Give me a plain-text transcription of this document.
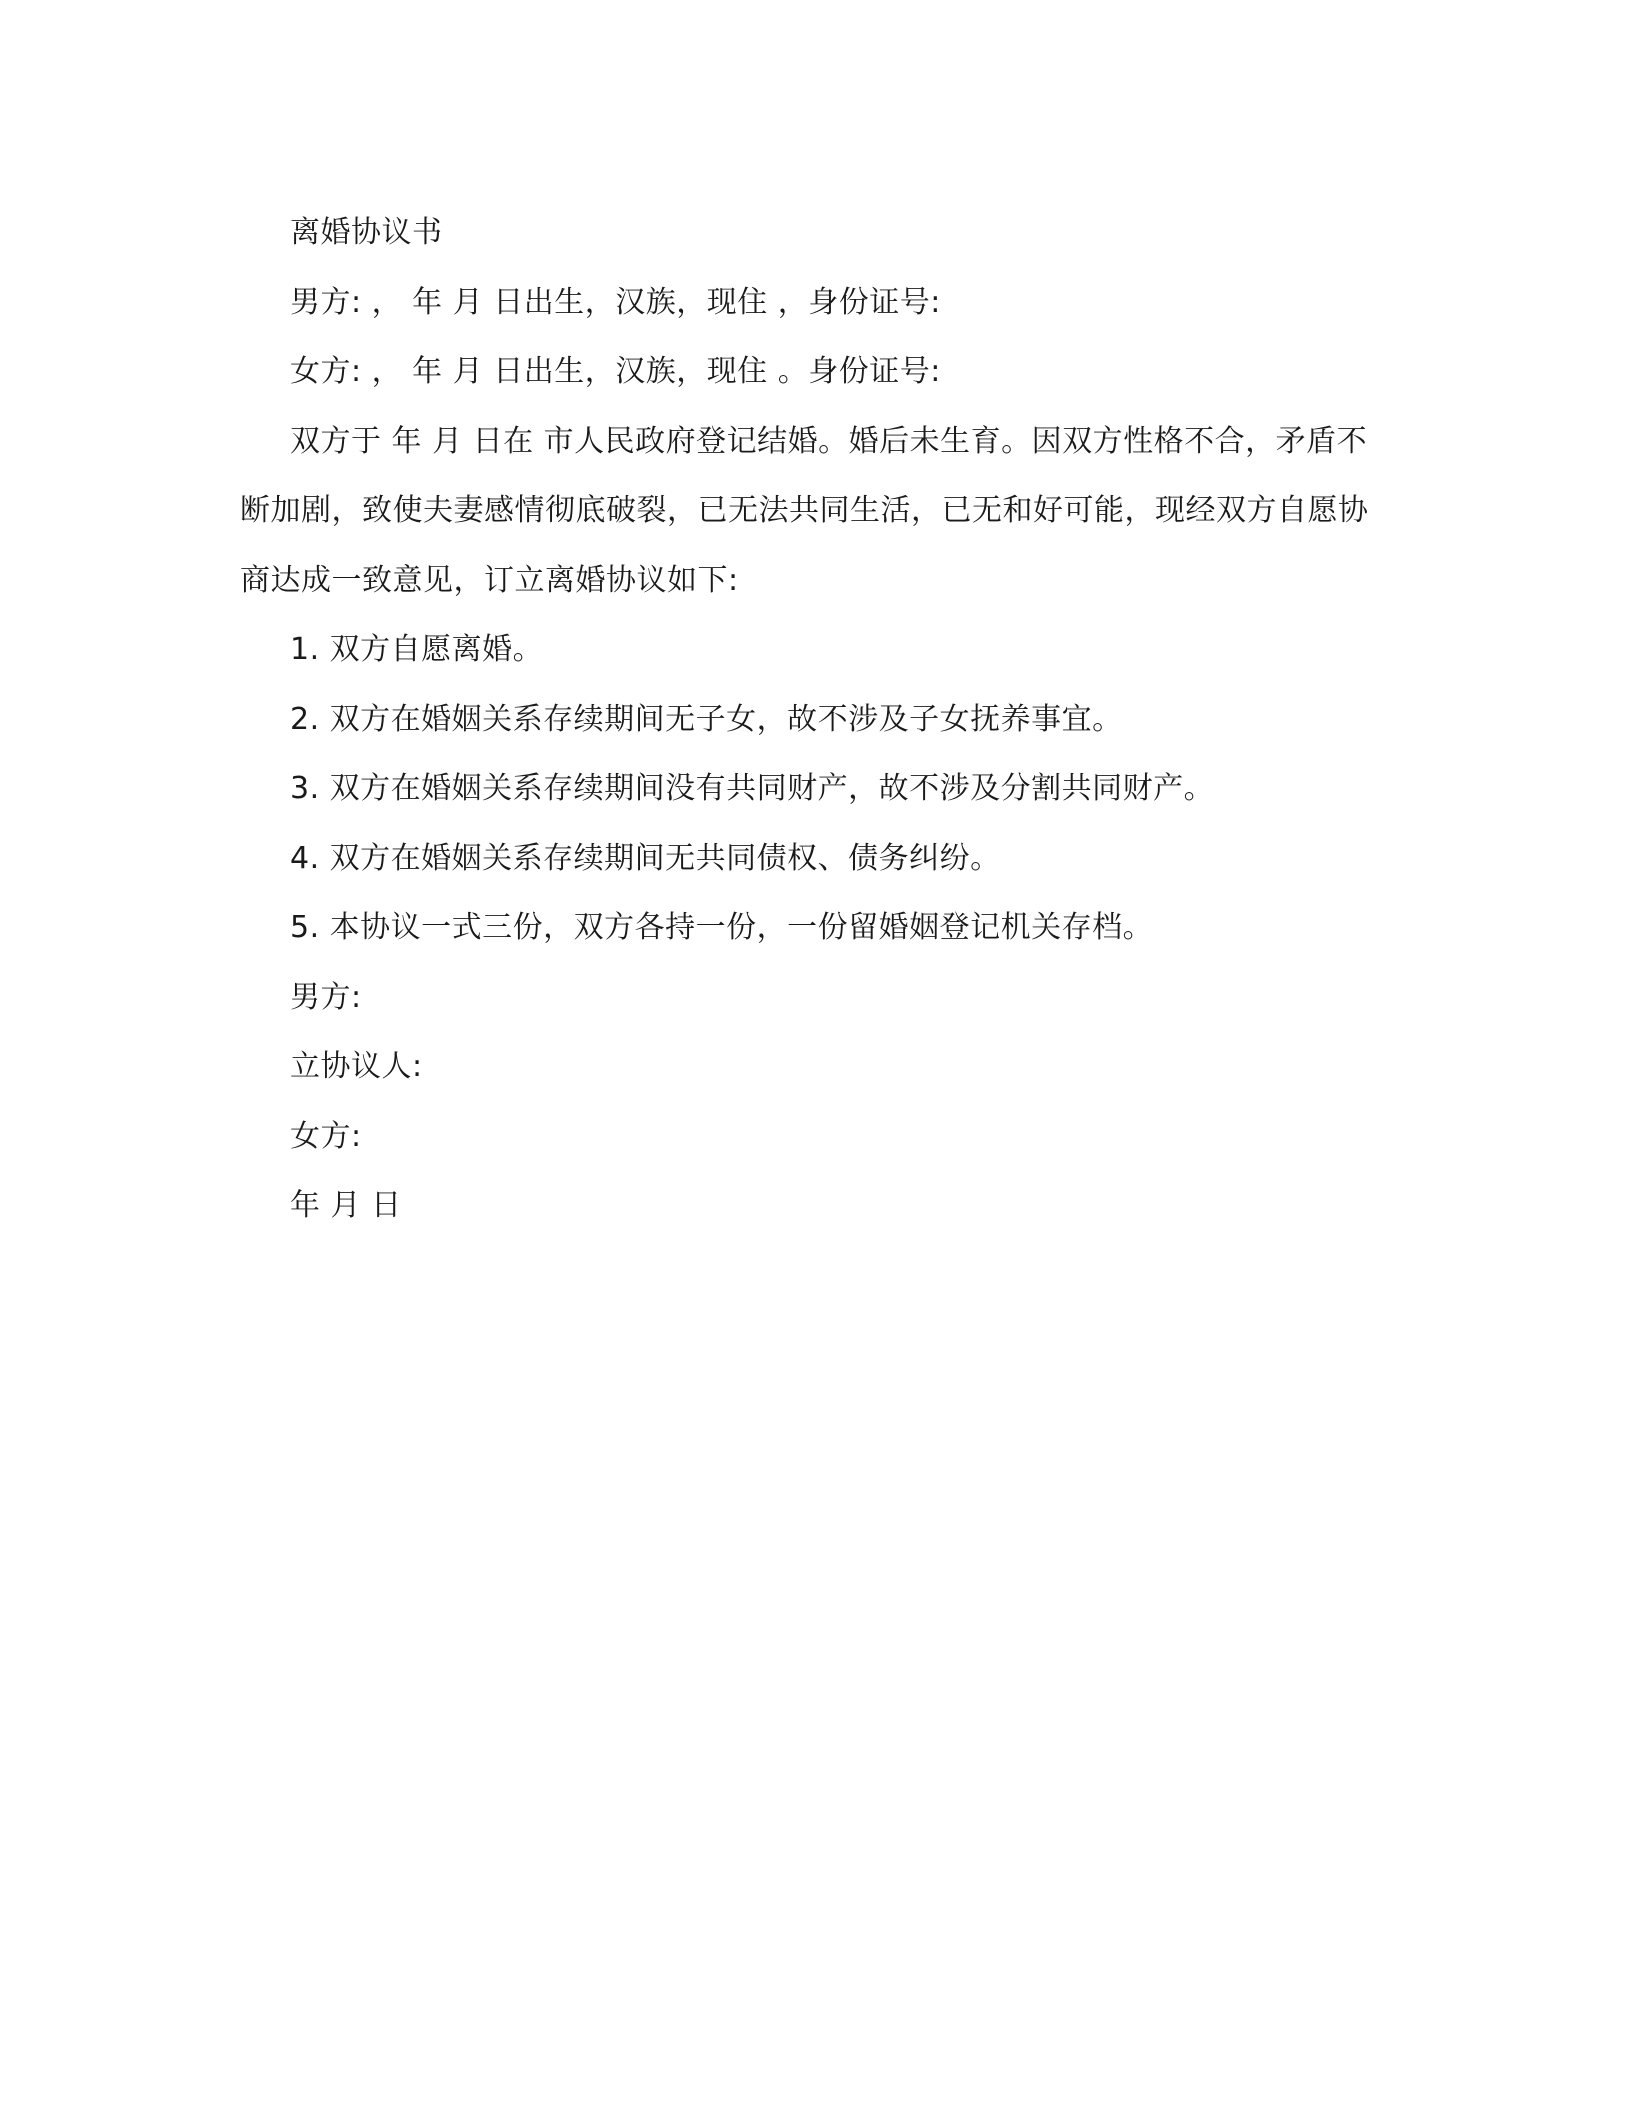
离婚协议书

男方: ， 年 月 日出生，汉族，现住 ，身份证号:

女方: ， 年 月 日出生，汉族，现住 。身份证号:

双方于 年 月 日在 市人民政府登记结婚。婚后未生育。因双方性格不合，矛盾不断加剧，致使夫妻感情彻底破裂，已无法共同生活，已无和好可能，现经双方自愿协商达成一致意见，订立离婚协议如下:

1. 双方自愿离婚。

2. 双方在婚姻关系存续期间无子女，故不涉及子女抚养事宜。

3. 双方在婚姻关系存续期间没有共同财产，故不涉及分割共同财产。

4. 双方在婚姻关系存续期间无共同债权、债务纠纷。

5. 本协议一式三份，双方各持一份，一份留婚姻登记机关存档。

男方:

立协议人:

女方:

年 月 日
